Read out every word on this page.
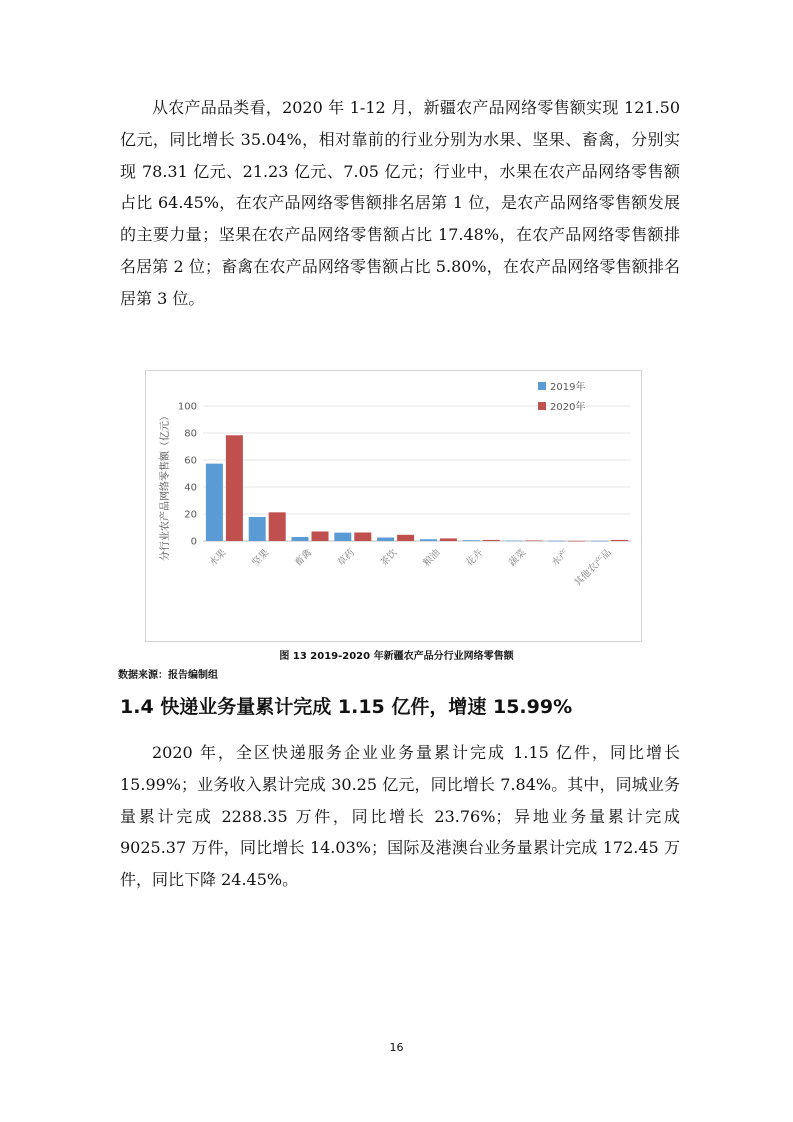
从农产品品类看，2020 年 1-12 月，新疆农产品网络零售额实现 121.50 亿元，同比增长 35.04%，相对靠前的行业分别为水果、坚果、畜禽，分别实现 78.31 亿元、21.23 亿元、7.05 亿元；行业中，水果在农产品网络零售额占比 64.45%，在农产品网络零售额排名居第 1 位，是农产品网络零售额发展的主要力量；坚果在农产品网络零售额占比 17.48%，在农产品网络零售额排名居第 2 位；畜禽在农产品网络零售额占比 5.80%，在农产品网络零售额排名居第 3 位。

0
20
40
60
80
100
水果 坚果 畜禽 草药 茶饮 粮油 花卉 蔬菜 水产 其他农产品
2019年
2020年
分行业农产品网络零售额（亿元）
图 13 2019-2020 年新疆农产品分行业网络零售额
数据来源：报告编制组
1.4 快递业务量累计完成 1.15 亿件，增速 15.99%

2020 年，全区快递服务企业业务量累计完成 1.15 亿件，同比增长 15.99%；业务收入累计完成 30.25 亿元，同比增长 7.84%。其中，同城业务量累计完成 2288.35 万件，同比增长 23.76%；异地业务量累计完成 9025.37 万件，同比增长 14.03%；国际及港澳台业务量累计完成 172.45 万件，同比下降 24.45%。

16
